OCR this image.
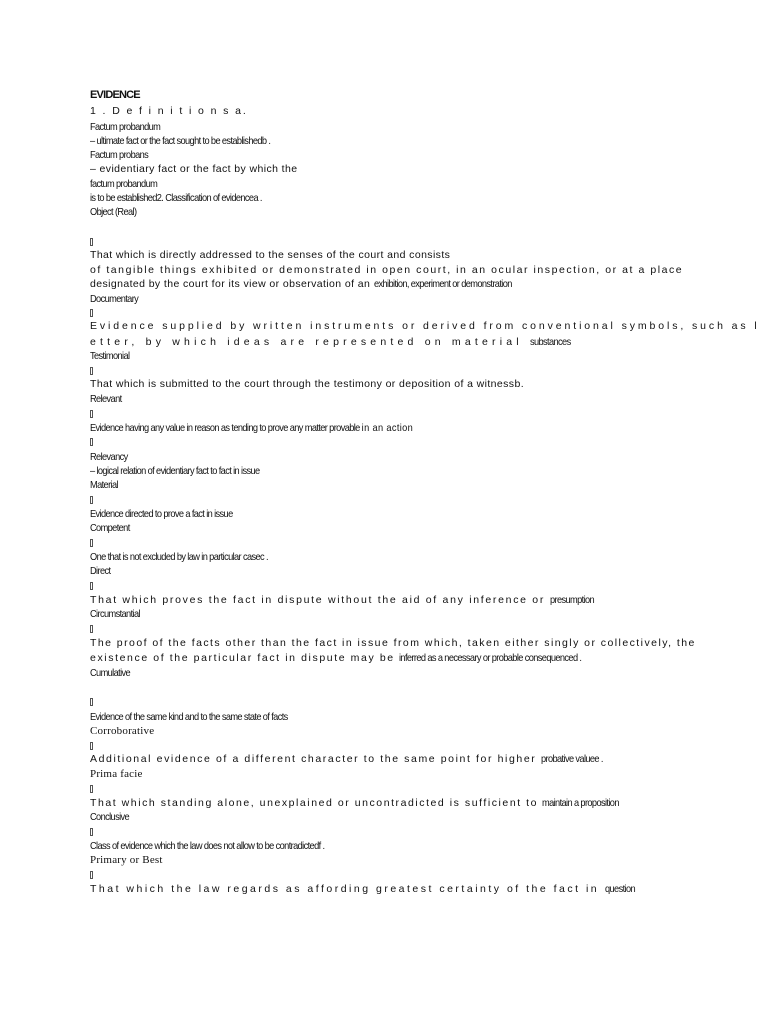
EVIDENCE
1 . D e f i n i t i o n s a.
Factum probandum
– ultimate fact or the fact sought to be establishedb .
Factum probans
– evidentiary fact or the fact by which the
factum probandum
is to be established2. Classification of evidencea .
Object (Real)
That which is directly addressed to the senses of the court and consists
of tangible things exhibited or demonstrated in open court, in an ocular inspection, or at a place
designated by the court for its view or observation of an exhibition, experiment or demonstration
Documentary
Evidence supplied by written instruments or derived from conventional symbols, such as l
etter, by which ideas are represented on material substances
Testimonial
That which is submitted to the court through the testimony or deposition of a witnessb.
Relevant
Evidence having any value in reason as tending to prove any matter provable in an action
Relevancy
– logical relation of evidentiary fact to fact in issue
Material
Evidence directed to prove a fact in issue
Competent
One that is not excluded by law in particular casec .
Direct
That which proves the fact in dispute without the aid of any inference or presumption
Circumstantial
The proof of the facts other than the fact in issue from which, taken either singly or collectively, the
existence of the particular fact in dispute may be inferred as a necessary or probable consequenced .
Cumulative
Evidence of the same kind and to the same state of facts
Corroborative
Additional evidence of a different character to the same point for higher probative valuee .
Prima facie
That which standing alone, unexplained or uncontradicted is sufficient to maintain a proposition
Conclusive
Class of evidence which the law does not allow to be contradictedf .
Primary or Best
That which the law regards as affording greatest certainty of the fact in question
